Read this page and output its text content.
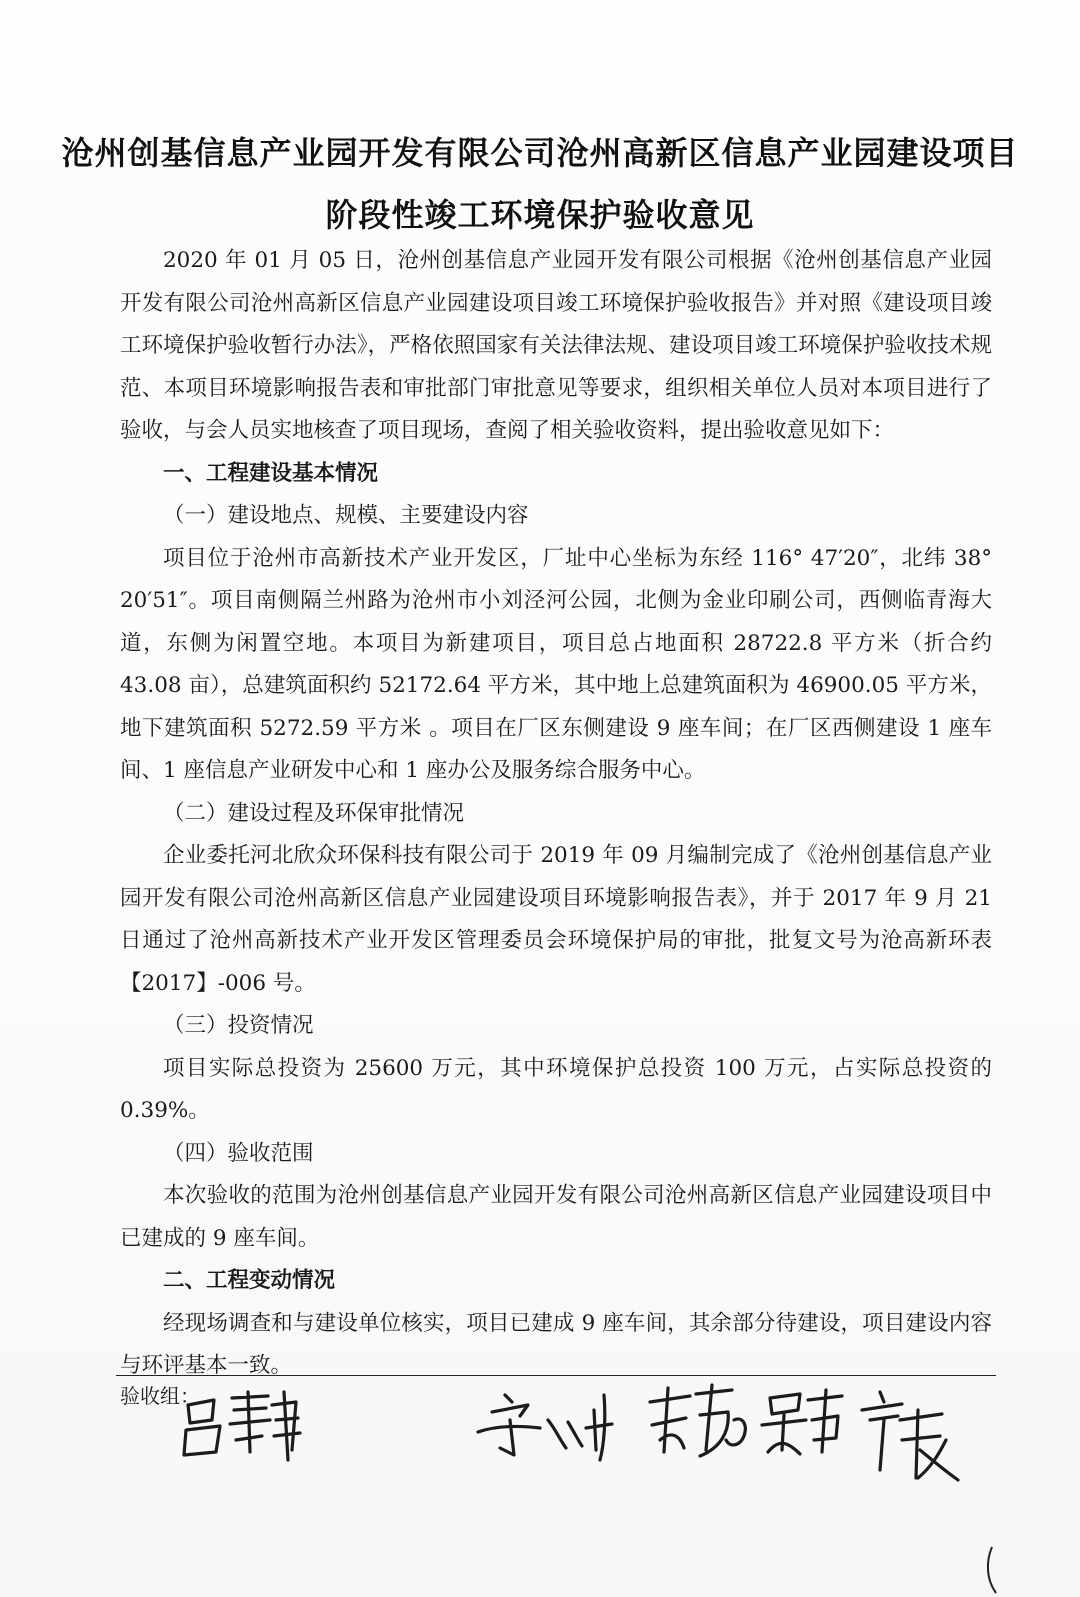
沧州创基信息产业园开发有限公司沧州高新区信息产业园建设项目
阶段性竣工环境保护验收意见

2020 年 01 月 05 日，沧州创基信息产业园开发有限公司根据《沧州创基信息产业园开发有限公司沧州高新区信息产业园建设项目竣工环境保护验收报告》并对照《建设项目竣工环境保护验收暂行办法》，严格依照国家有关法律法规、建设项目竣工环境保护验收技术规范、本项目环境影响报告表和审批部门审批意见等要求，组织相关单位人员对本项目进行了验收，与会人员实地核查了项目现场，查阅了相关验收资料，提出验收意见如下：

一、工程建设基本情况
（一）建设地点、规模、主要建设内容

项目位于沧州市高新技术产业开发区，厂址中心坐标为东经 116° 47′20″，北纬 38° 20′51″。项目南侧隔兰州路为沧州市小刘泾河公园，北侧为金业印刷公司，西侧临青海大道，东侧为闲置空地。本项目为新建项目，项目总占地面积 28722.8 平方米（折合约 43.08 亩），总建筑面积约 52172.64 平方米，其中地上总建筑面积为 46900.05 平方米，地下建筑面积 5272.59 平方米 。项目在厂区东侧建设 9 座车间；在厂区西侧建设 1 座车间、1 座信息产业研发中心和 1 座办公及服务综合服务中心。

（二）建设过程及环保审批情况

企业委托河北欣众环保科技有限公司于 2019 年 09 月编制完成了《沧州创基信息产业园开发有限公司沧州高新区信息产业园建设项目环境影响报告表》，并于 2017 年 9 月 21 日通过了沧州高新技术产业开发区管理委员会环境保护局的审批，批复文号为沧高新环表【2017】-006 号。

（三）投资情况

项目实际总投资为 25600 万元，其中环境保护总投资 100 万元，占实际总投资的 0.39%。

（四）验收范围

本次验收的范围为沧州创基信息产业园开发有限公司沧州高新区信息产业园建设项目中已建成的 9 座车间。

二、工程变动情况

经现场调查和与建设单位核实，项目已建成 9 座车间，其余部分待建设，项目建设内容与环评基本一致。

验收组：
